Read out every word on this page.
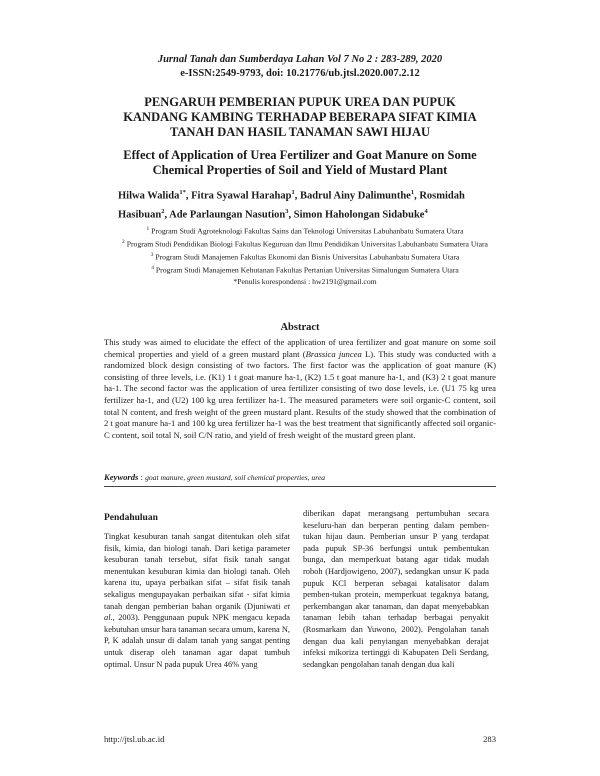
Jurnal Tanah dan Sumberdaya Lahan Vol 7 No 2 : 283-289, 2020
e-ISSN:2549-9793, doi: 10.21776/ub.jtsl.2020.007.2.12
PENGARUH PEMBERIAN PUPUK UREA DAN PUPUK KANDANG KAMBING TERHADAP BEBERAPA SIFAT KIMIA TANAH DAN HASIL TANAMAN SAWI HIJAU
Effect of Application of Urea Fertilizer and Goat Manure on Some Chemical Properties of Soil and Yield of Mustard Plant
Hilwa Walida$^{1*}$, Fitra Syawal Harahap$^1$, Badrul Ainy Dalimunthe$^1$, Rosmidah Hasibuan$^2$, Ade Parlaungan Nasution$^3$, Simon Haholongan Sidabuke$^4$
$^1$ Program Studi Agroteknologi Fakultas Sains dan Teknologi Universitas Labuhanbatu Sumatera Utara
$^2$ Program Studi Pendidikan Biologi Fakultas Keguruan dan Ilmu Pendidikan Universitas Labuhanbatu Sumatera Utara
$^3$ Program Studi Manajemen Fakultas Ekonomi dan Bisnis Universitas Labuhanbatu Sumatera Utara
$^4$ Program Studi Manajemen Kehutanan Fakultas Pertanian Universitas Simalungun Sumatera Utara
*Penulis korespondensi : hw2191@gmail.com
Abstract
This study was aimed to elucidate the effect of the application of urea fertilizer and goat manure on some soil chemical properties and yield of a green mustard plant (Brassica juncea L). This study was conducted with a randomized block design consisting of two factors. The first factor was the application of goat manure (K) consisting of three levels, i.e. (K1) 1 t goat manure ha-1, (K2) 1.5 t goat manure ha-1, and (K3) 2 t goat manure ha-1. The second factor was the application of urea fertilizer consisting of two dose levels, i.e. (U1 75 kg urea fertilizer ha-1, and (U2) 100 kg urea fertilizer ha-1. The measured parameters were soil organic-C content, soil total N content, and fresh weight of the green mustard plant. Results of the study showed that the combination of 2 t goat manure ha-1 and 100 kg urea fertilizer ha-1 was the best treatment that significantly affected soil organic-C content, soil total N, soil C/N ratio, and yield of fresh weight of the mustard green plant.
Keywords : goat manure, green mustard, soil chemical properties, urea
Pendahuluan

Tingkat kesuburan tanah sangat ditentukan oleh sifat fisik, kimia, dan biologi tanah. Dari ketiga parameter kesuburan tanah tersebut, sifat fisik tanah sangat menentukan kesuburan kimia dan biologi tanah. Oleh karena itu, upaya perbaikan sifat – sifat fisik tanah sekaligus mengupayakan perbaikan sifat - sifat kimia tanah dengan pemberian bahan organik (Djuniwati et al., 2003). Penggunaan pupuk NPK mengacu kepada kebutuhan unsur hara tanaman secara umum, karena N, P, K adalah unsur di dalam tanah yang sangat penting untuk diserap oleh tanaman agar dapat tumbuh optimal. Unsur N pada pupuk Urea 46% yang

diberikan dapat merangsang pertumbuhan secara keseluru-han dan berperan penting dalam pemben-tukan hijau daun. Pemberian unsur P yang terdapat pada pupuk SP-36 berfungsi untuk pembentukan bunga, dan memperkuat batang agar tidak mudah roboh (Hardjowigeno, 2007), sedangkan unsur K pada pupuk KCl berperan sebagai katalisator dalam pemben-tukan protein, memperkuat tegaknya batang, perkembangan akar tanaman, dan dapat menyebabkan tanaman lebih tahan terhadap berbagai penyakit (Rosmarkam dan Yuwono, 2002). Pengolahan tanah dengan dua kali penyiangan menyebabkan derajat infeksi mikoriza tertinggi di Kabupaten Deli Serdang, sedangkan pengolahan tanah dengan dua kali

http://jtsl.ub.ac.id	283
